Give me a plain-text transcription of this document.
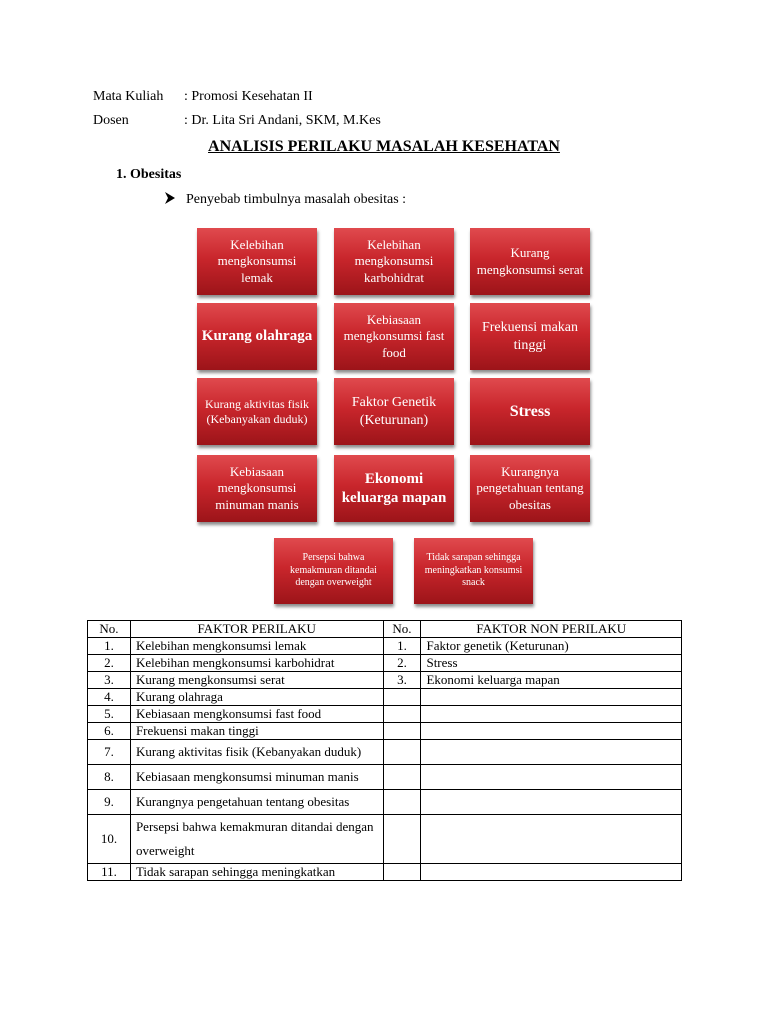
Mata Kuliah : Promosi Kesehatan II
Dosen	: Dr. Lita Sri Andani, SKM, M.Kes
ANALISIS PERILAKU MASALAH KESEHATAN
1. Obesitas
Penyebab timbulnya masalah obesitas :
Kelebihan mengkonsumsi lemak
Kelebihan mengkonsumsi karbohidrat
Kurang mengkonsumsi serat
Kurang olahraga
Kebiasaan mengkonsumsi fast food
Frekuensi makan tinggi
Kurang aktivitas fisik (Kebanyakan duduk)
Faktor Genetik (Keturunan)
Stress
Kebiasaan mengkonsumsi minuman manis
Ekonomi keluarga mapan
Kurangnya pengetahuan tentang obesitas
Persepsi bahwa kemakmuran ditandai dengan overweight
Tidak sarapan sehingga meningkatkan konsumsi snack
No.	FAKTOR PERILAKU	No.	FAKTOR NON PERILAKU
1.	Kelebihan mengkonsumsi lemak	1.	Faktor genetik (Keturunan)
2.	Kelebihan mengkonsumsi karbohidrat	2.	Stress
3.	Kurang mengkonsumsi serat	3.	Ekonomi keluarga mapan
4.	Kurang olahraga		
5.	Kebiasaan mengkonsumsi fast food		
6.	Frekuensi makan tinggi		
7.	Kurang aktivitas fisik (Kebanyakan duduk)		
8.	Kebiasaan mengkonsumsi minuman manis		
9.	Kurangnya pengetahuan tentang obesitas		
10.	Persepsi bahwa kemakmuran ditandai dengan overweight		
11.	Tidak sarapan sehingga meningkatkan		
